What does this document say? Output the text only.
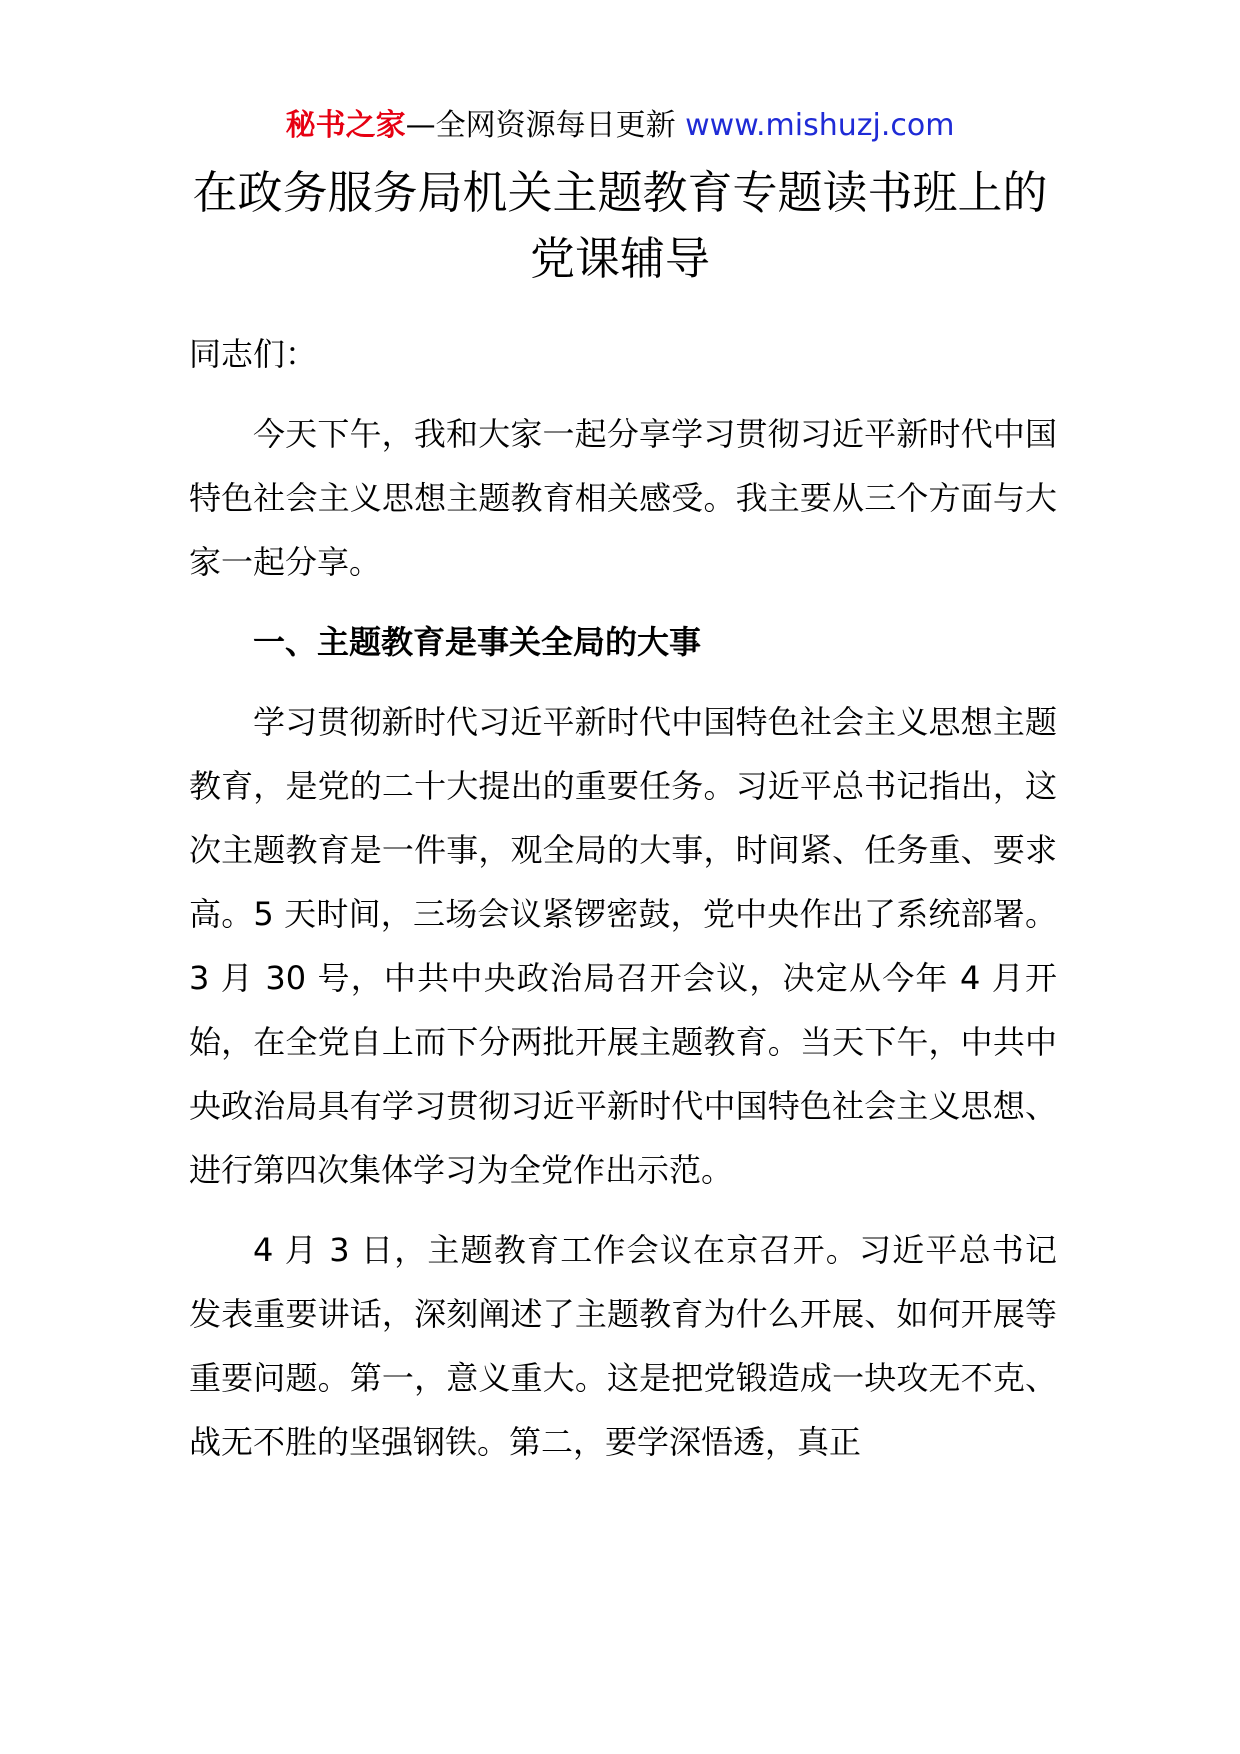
秘书之家—全网资源每日更新 www.mishuzj.com
在政务服务局机关主题教育专题读书班上的党课辅导

同志们：

今天下午，我和大家一起分享学习贯彻习近平新时代中国特色社会主义思想主题教育相关感受。我主要从三个方面与大家一起分享。

一、主题教育是事关全局的大事

学习贯彻新时代习近平新时代中国特色社会主义思想主题教育，是党的二十大提出的重要任务。习近平总书记指出，这次主题教育是一件事，观全局的大事，时间紧、任务重、要求高。5 天时间，三场会议紧锣密鼓，党中央作出了系统部署。3 月 30 号，中共中央政治局召开会议，决定从今年 4 月开始，在全党自上而下分两批开展主题教育。当天下午，中共中央政治局具有学习贯彻习近平新时代中国特色社会主义思想、进行第四次集体学习为全党作出示范。

4 月 3 日，主题教育工作会议在京召开。习近平总书记发表重要讲话，深刻阐述了主题教育为什么开展、如何开展等重要问题。第一，意义重大。这是把党锻造成一块攻无不克、战无不胜的坚强钢铁。第二，要学深悟透，真正
